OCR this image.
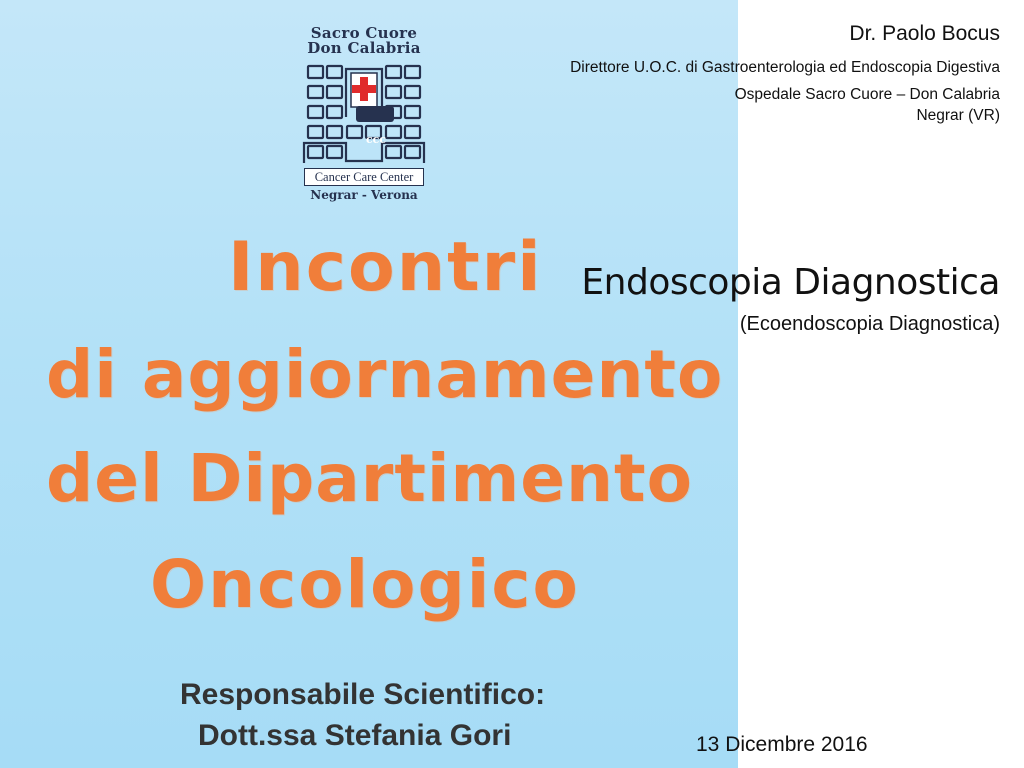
Sacro Cuore
Don Calabria
ccc
Cancer Care Center
Negrar - Verona
Incontri
di aggiornamento
del Dipartimento
Oncologico
Responsabile Scientifico:
Dott.ssa Stefania Gori
Dr. Paolo Bocus
Direttore U.O.C. di Gastroenterologia ed Endoscopia Digestiva
Ospedale Sacro Cuore – Don Calabria
Negrar (VR)
Endoscopia Diagnostica
(Ecoendoscopia Diagnostica)
13 Dicembre 2016
